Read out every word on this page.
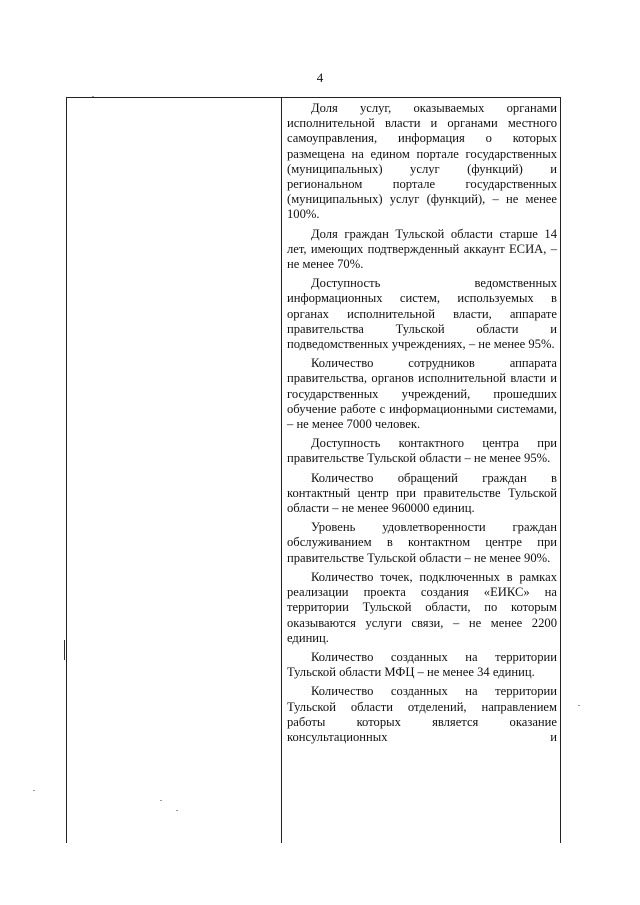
4

Доля услуг, оказываемых органами исполнительной власти и органами местного самоуправления, информация о которых размещена на едином портале государственных (муниципальных) услуг (функций) и региональном портале государственных (муниципальных) услуг (функций), – не менее 100%.

Доля граждан Тульской области старше 14 лет, имеющих подтвержденный аккаунт ЕСИА, – не менее 70%.

Доступность ведомственных информационных систем, используемых в органах исполнительной власти, аппарате правительства Тульской области и подведомственных учреждениях, – не менее 95%.

Количество сотрудников аппарата правительства, органов исполнительной власти и государственных учреждений, прошедших обучение работе с информационными системами, – не менее 7000 человек.

Доступность контактного центра при правительстве Тульской области – не менее 95%.

Количество обращений граждан в контактный центр при правительстве Тульской области – не менее 960000 единиц.

Уровень удовлетворенности граждан обслуживанием в контактном центре при правительстве Тульской области – не менее 90%.

Количество точек, подключенных в рамках реализации проекта создания «ЕИКС» на территории Тульской области, по которым оказываются услуги связи, – не менее 2200 единиц.

Количество созданных на территории Тульской области МФЦ – не менее 34 единиц.

Количество созданных на территории Тульской области отделений, направлением работы которых является оказание консультационных и
